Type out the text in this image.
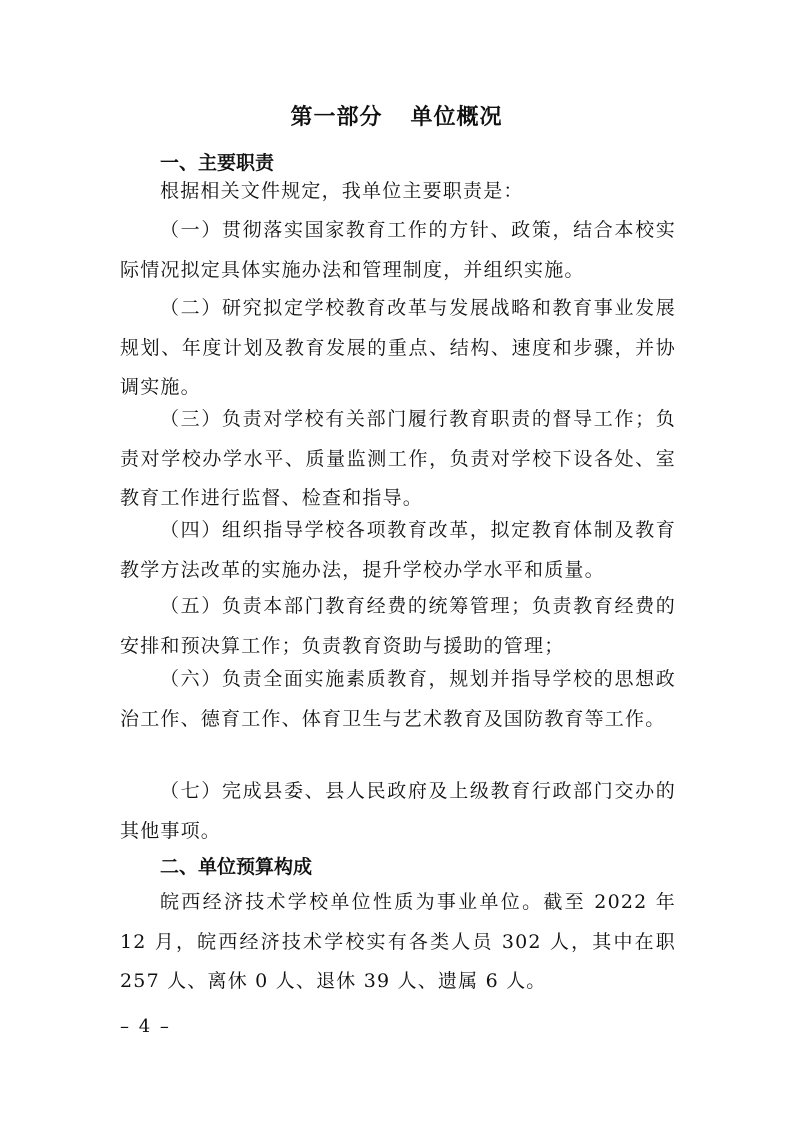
第一部分 单位概况
一、主要职责
根据相关文件规定，我单位主要职责是：
（一）贯彻落实国家教育工作的方针、政策，结合本校实际情况拟定具体实施办法和管理制度，并组织实施。
（二）研究拟定学校教育改革与发展战略和教育事业发展规划、年度计划及教育发展的重点、结构、速度和步骤，并协调实施。
（三）负责对学校有关部门履行教育职责的督导工作；负责对学校办学水平、质量监测工作，负责对学校下设各处、室教育工作进行监督、检查和指导。
（四）组织指导学校各项教育改革，拟定教育体制及教育教学方法改革的实施办法，提升学校办学水平和质量。
（五）负责本部门教育经费的统筹管理；负责教育经费的安排和预决算工作；负责教育资助与援助的管理；
（六）负责全面实施素质教育，规划并指导学校的思想政治工作、德育工作、体育卫生与艺术教育及国防教育等工作。
（七）完成县委、县人民政府及上级教育行政部门交办的其他事项。
二、单位预算构成
皖西经济技术学校单位性质为事业单位。截至 2022 年 12 月，皖西经济技术学校实有各类人员 302 人，其中在职 257 人、离休 0 人、退休 39 人、遗属 6 人。
– 4 –
